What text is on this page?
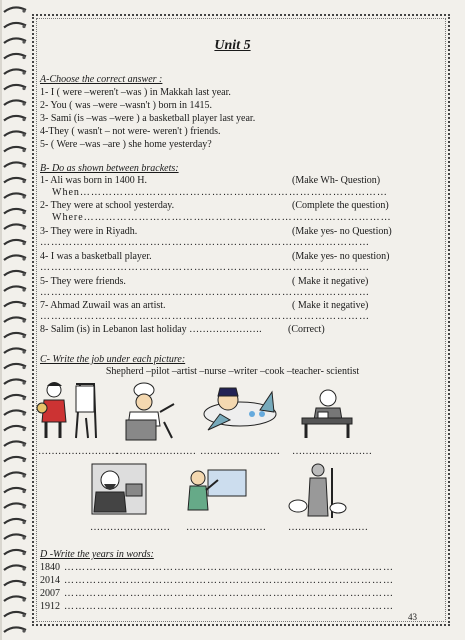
Unit 5
A-Choose the correct answer :
1- I ( were –weren't –was ) in Makkah last year.
2- You ( was –were –wasn't ) born in 1415.
3- Sami (is –was –were ) a basketball player last year.
4-They ( wasn't – not were- weren't ) friends.
5- ( Were –was –are ) she home yesterday?
B- Do as shown between brackets:
1- Ali was born in 1400 H.	(Make Wh- Question)
When…………………………………………………………………………
2- They were at school yesterday.	(Complete the question)
Where…………………………………………………………………………
3- They were in Riyadh.	(Make yes- no Question)
………………………………………………………………………………
4- I was a basketball player.	(Make yes- no question)
………………………………………………………………………………
5- They were friends.	( Make it negative)
………………………………………………………………………………
7- Ahmad Zuwail was an artist.	( Make it negative)
………………………………………………………………………………
8- Salim (is) in Lebanon last holiday ………………….	(Correct)
C- Write the job under each picture:
Shepherd –pilot –artist –nurse –writer –cook –teacher- scientist
……………………
…………………… …………………… ……………………
…………………… …………………… ……………………
D -Write the years in words:
1840 ………………………………………………………………………………
2014 ………………………………………………………………………………
2007 ………………………………………………………………………………
1912 ………………………………………………………………………………
43
